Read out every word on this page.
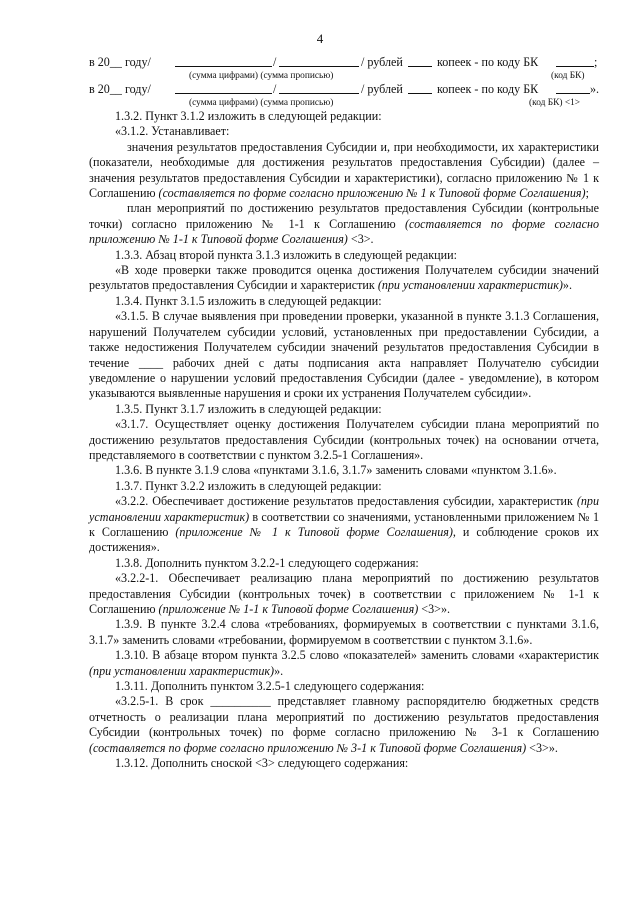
4
в 20__ году/	/	/ рублей	копеек - по коду БК	;
(сумма цифрами) (сумма прописью)	(код БК)
в 20__ году/	/	/ рублей	копеек - по коду БК	».
(сумма цифрами) (сумма прописью)	(код БК) <1>

1.3.2. Пункт 3.1.2 изложить в следующей редакции:

«3.1.2. Устанавливает:

значения результатов предоставления Субсидии и, при необходимости, их характеристики (показатели, необходимые для достижения результатов предоставления Субсидии) (далее – значения результатов предоставления Субсидии и характеристики), согласно приложению № 1 к Соглашению (составляется по форме согласно приложению № 1 к Типовой форме Соглашения);

план мероприятий по достижению результатов предоставления Субсидии (контрольные точки) согласно приложению № 1-1 к Соглашению (составляется по форме согласно приложению № 1-1 к Типовой форме Соглашения) <3>.

1.3.3. Абзац второй пункта 3.1.3 изложить в следующей редакции:

«В ходе проверки также проводится оценка достижения Получателем субсидии значений результатов предоставления Субсидии и характеристик (при установлении характеристик)».

1.3.4. Пункт 3.1.5 изложить в следующей редакции:

«3.1.5. В случае выявления при проведении проверки, указанной в пункте 3.1.3 Соглашения, нарушений Получателем субсидии условий, установленных при предоставлении Субсидии, а также недостижения Получателем субсидии значений результатов предоставления Субсидии в течение ____ рабочих дней с даты подписания акта направляет Получателю субсидии уведомление о нарушении условий предоставления Субсидии (далее - уведомление), в котором указываются выявленные нарушения и сроки их устранения Получателем субсидии».

1.3.5. Пункт 3.1.7 изложить в следующей редакции:

«3.1.7. Осуществляет оценку достижения Получателем субсидии плана мероприятий по достижению результатов предоставления Субсидии (контрольных точек) на основании отчета, представляемого в соответствии с пунктом 3.2.5-1 Соглашения».

1.3.6. В пункте 3.1.9 слова «пунктами 3.1.6, 3.1.7» заменить словами «пунктом 3.1.6».

1.3.7. Пункт 3.2.2 изложить в следующей редакции:

«3.2.2. Обеспечивает достижение результатов предоставления субсидии, характеристик (при установлении характеристик) в соответствии со значениями, установленными приложением № 1 к Соглашению (приложение № 1 к Типовой форме Соглашения), и соблюдение сроков их достижения».

1.3.8. Дополнить пунктом 3.2.2-1 следующего содержания:

«3.2.2-1. Обеспечивает реализацию плана мероприятий по достижению результатов предоставления Субсидии (контрольных точек) в соответствии с приложением № 1-1 к Соглашению (приложение № 1-1 к Типовой форме Соглашения) <3>».

1.3.9. В пункте 3.2.4 слова «требованиях, формируемых в соответствии с пунктами 3.1.6, 3.1.7» заменить словами «требовании, формируемом в соответствии с пунктом 3.1.6».

1.3.10. В абзаце втором пункта 3.2.5 слово «показателей» заменить словами «характеристик (при установлении характеристик)».

1.3.11. Дополнить пунктом 3.2.5-1 следующего содержания:

«3.2.5-1. В срок __________ представляет главному распорядителю бюджетных средств отчетность о реализации плана мероприятий по достижению результатов предоставления Субсидии (контрольных точек) по форме согласно приложению № 3-1 к Соглашению (составляется по форме согласно приложению № 3-1 к Типовой форме Соглашения) <3>».

1.3.12. Дополнить сноской <3> следующего содержания:
